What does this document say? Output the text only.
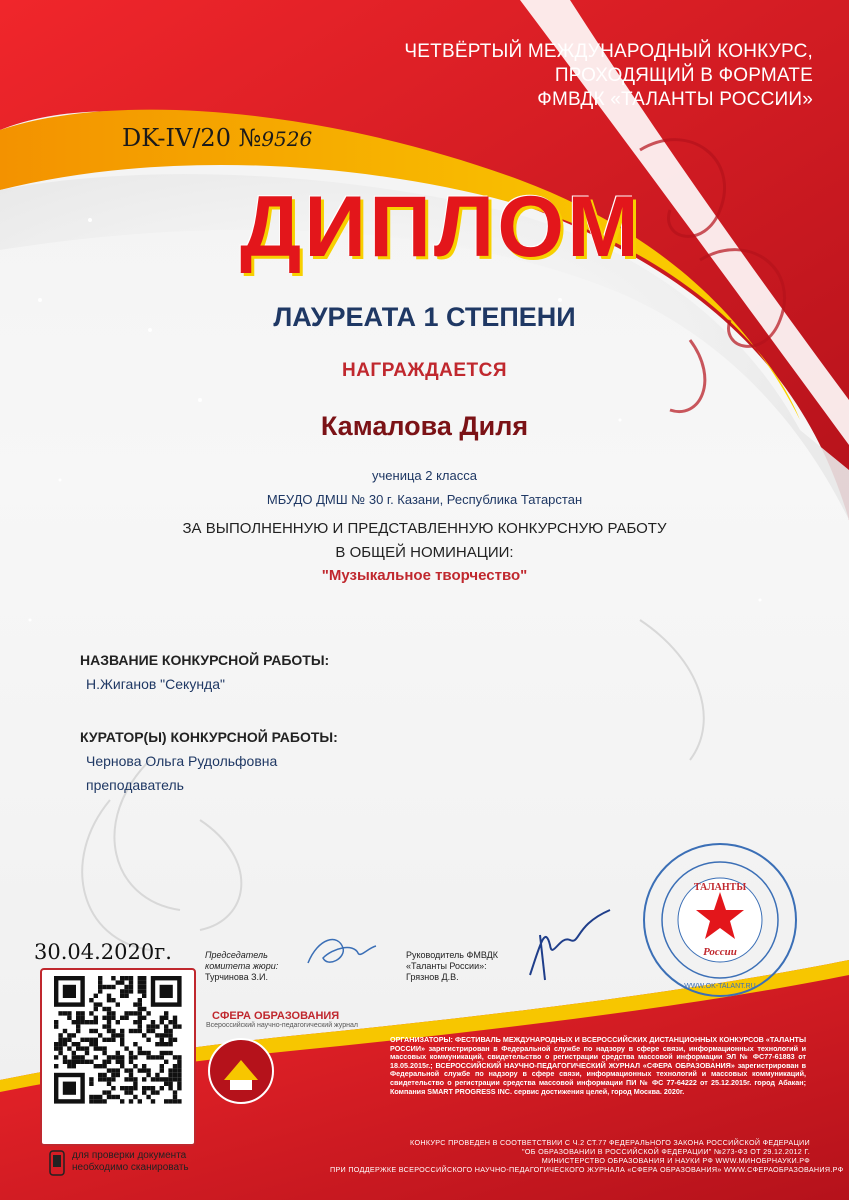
ЧЕТВЁРТЫЙ МЕЖДУНАРОДНЫЙ КОНКУРС,
ПРОХОДЯЩИЙ В ФОРМАТЕ
ФМВДК «ТАЛАНТЫ РОССИИ»
DK-IV/20 №9526
ДИПЛОМ
ЛАУРЕАТА 1 СТЕПЕНИ
НАГРАЖДАЕТСЯ
Камалова Диля
ученица 2 класса
МБУДО ДМШ № 30 г. Казани, Республика Татарстан
ЗА ВЫПОЛНЕННУЮ И ПРЕДСТАВЛЕННУЮ КОНКУРСНУЮ РАБОТУ
В ОБЩЕЙ НОМИНАЦИИ:
"Музыкальное творчество"
НАЗВАНИЕ КОНКУРСНОЙ РАБОТЫ:
Н.Жиганов "Секунда"
КУРАТОР(Ы) КОНКУРСНОЙ РАБОТЫ:
Чернова Ольга Рудольфовна
преподаватель
30.04.2020г.	Председатель
комитета жюри:
Турчинова З.И.
Руководитель ФМВДК
«Таланты России»:
Грязнов Д.В.
ТАЛАНТЫ
России
WWW.OK-TALANT.RU
для проверки документа
необходимо сканировать
СФЕРА ОБРАЗОВАНИЯ
Всероссийский научно-педагогический журнал
ОРГАНИЗАТОРЫ: ФЕСТИВАЛЬ МЕЖДУНАРОДНЫХ И ВСЕРОССИЙСКИХ ДИСТАНЦИОННЫХ КОНКУРСОВ «ТАЛАНТЫ РОССИИ» зарегистрирован в Федеральной службе по надзору в сфере связи, информационных технологий и массовых коммуникаций, свидетельство о регистрации средства массовой информации ЭЛ № ФС77-61883 от 18.05.2015г.; ВСЕРОССИЙСКИЙ НАУЧНО-ПЕДАГОГИЧЕСКИЙ ЖУРНАЛ «СФЕРА ОБРАЗОВАНИЯ» зарегистрирован в Федеральной службе по надзору в сфере связи, информационных технологий и массовых коммуникаций, свидетельство о регистрации средства массовой информации ПИ № ФС 77-64222 от 25.12.2015г. город Абакан; Компания SMART PROGRESS INC. сервис достижения целей, город Москва. 2020г.
КОНКУРС ПРОВЕДЕН В СООТВЕТСТВИИ С Ч.2 СТ.77 ФЕДЕРАЛЬНОГО ЗАКОНА РОССИЙСКОЙ ФЕДЕРАЦИИ
"ОБ ОБРАЗОВАНИИ В РОССИЙСКОЙ ФЕДЕРАЦИИ" №273-ФЗ ОТ 29.12.2012 Г.
МИНИСТЕРСТВО ОБРАЗОВАНИЯ И НАУКИ РФ WWW.МИНОБРНАУКИ.РФ
ПРИ ПОДДЕРЖКЕ ВСЕРОССИЙСКОГО НАУЧНО-ПЕДАГОГИЧЕСКОГО ЖУРНАЛА «СФЕРА ОБРАЗОВАНИЯ» WWW.СФЕРАОБРАЗОВАНИЯ.РФ
